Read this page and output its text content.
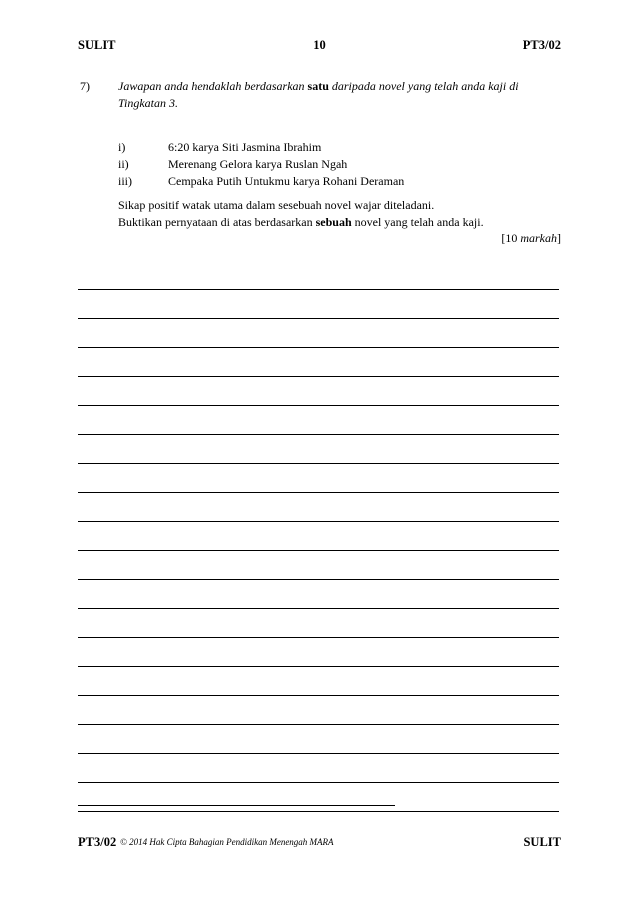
SULIT	10	PT3/02
7) Jawapan anda hendaklah berdasarkan satu daripada novel yang telah anda kaji di Tingkatan 3.
i)	6:20 karya Siti Jasmina Ibrahim
ii)	Merenang Gelora karya Ruslan Ngah
iii)	Cempaka Putih Untukmu karya Rohani Deraman
Sikap positif watak utama dalam sesebuah novel wajar diteladani.
Buktikan pernyataan di atas berdasarkan sebuah novel yang telah anda kaji.
[10 markah]
PT3/02 © 2014 Hak Cipta Bahagian Pendidikan Menengah MARA	SULIT
